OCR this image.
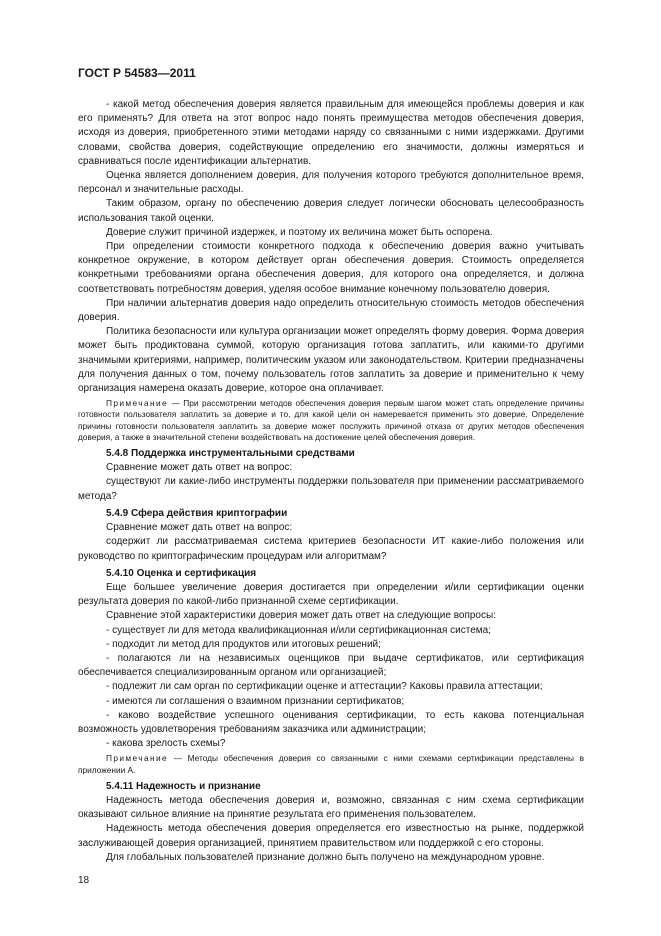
ГОСТ Р 54583—2011

- какой метод обеспечения доверия является правильным для имеющейся проблемы доверия и как его применять? Для ответа на этот вопрос надо понять преимущества методов обеспечения доверия, исходя из доверия, приобретенного этими методами наряду со связанными с ними издержками. Другими словами, свойства доверия, содействующие определению его значимости, должны измеряться и сравниваться после идентификации альтернатив.

Оценка является дополнением доверия, для получения которого требуются дополнительное время, персонал и значительные расходы.

Таким образом, органу по обеспечению доверия следует логически обосновать целесообразность использования такой оценки.

Доверие служит причиной издержек, и поэтому их величина может быть оспорена.

При определении стоимости конкретного подхода к обеспечению доверия важно учитывать конкретное окружение, в котором действует орган обеспечения доверия. Стоимость определяется конкретными требованиями органа обеспечения доверия, для которого она определяется, и должна соответствовать потребностям доверия, уделяя особое внимание конечному пользователю доверия.

При наличии альтернатив доверия надо определить относительную стоимость методов обеспечения доверия.

Политика безопасности или культура организации может определять форму доверия. Форма доверия может быть продиктована суммой, которую организация готова заплатить, или какими-то другими значимыми критериями, например, политическим указом или законодательством. Критерии предназначены для получения данных о том, почему пользователь готов заплатить за доверие и применительно к чему организация намерена оказать доверие, которое она оплачивает.

Примечание — При рассмотрении методов обеспечения доверия первым шагом может стать определение причины готовности пользователя заплатить за доверие и то, для какой цели он намеревается применить это доверие. Определение причины готовности пользователя заплатить за доверие может послужить причиной отказа от других методов обеспечения доверия, а также в значительной степени воздействовать на достижение целей обеспечения доверия.

5.4.8 Поддержка инструментальными средствами

Сравнение может дать ответ на вопрос:

существуют ли какие-либо инструменты поддержки пользователя при применении рассматриваемого метода?

5.4.9 Сфера действия криптографии

Сравнение может дать ответ на вопрос:

содержит ли рассматриваемая система критериев безопасности ИТ какие-либо положения или руководство по криптографическим процедурам или алгоритмам?

5.4.10 Оценка и сертификация

Еще большее увеличение доверия достигается при определении и/или сертификации оценки результата доверия по какой-либо признанной схеме сертификации.

Сравнение этой характеристики доверия может дать ответ на следующие вопросы:

- существует ли для метода квалификационная и/или сертификационная система;

- подходит ли метод для продуктов или итоговых решений;

- полагаются ли на независимых оценщиков при выдаче сертификатов, или сертификация обеспечивается специализированным органом или организацией;

- подлежит ли сам орган по сертификации оценке и аттестации? Каковы правила аттестации;

- имеются ли соглашения о взаимном признании сертификатов;

- каково воздействие успешного оценивания сертификации, то есть какова потенциальная возможность удовлетворения требованиям заказчика или администрации;

- какова зрелость схемы?

Примечание — Методы обеспечения доверия со связанными с ними схемами сертификации представлены в приложении А.

5.4.11 Надежность и признание

Надежность метода обеспечения доверия и, возможно, связанная с ним схема сертификации оказывают сильное влияние на принятие результата его применения пользователем.

Надежность метода обеспечения доверия определяется его известностью на рынке, поддержкой заслуживающей доверия организацией, принятием правительством или поддержкой с его стороны.

Для глобальных пользователей признание должно быть получено на международном уровне.

18
